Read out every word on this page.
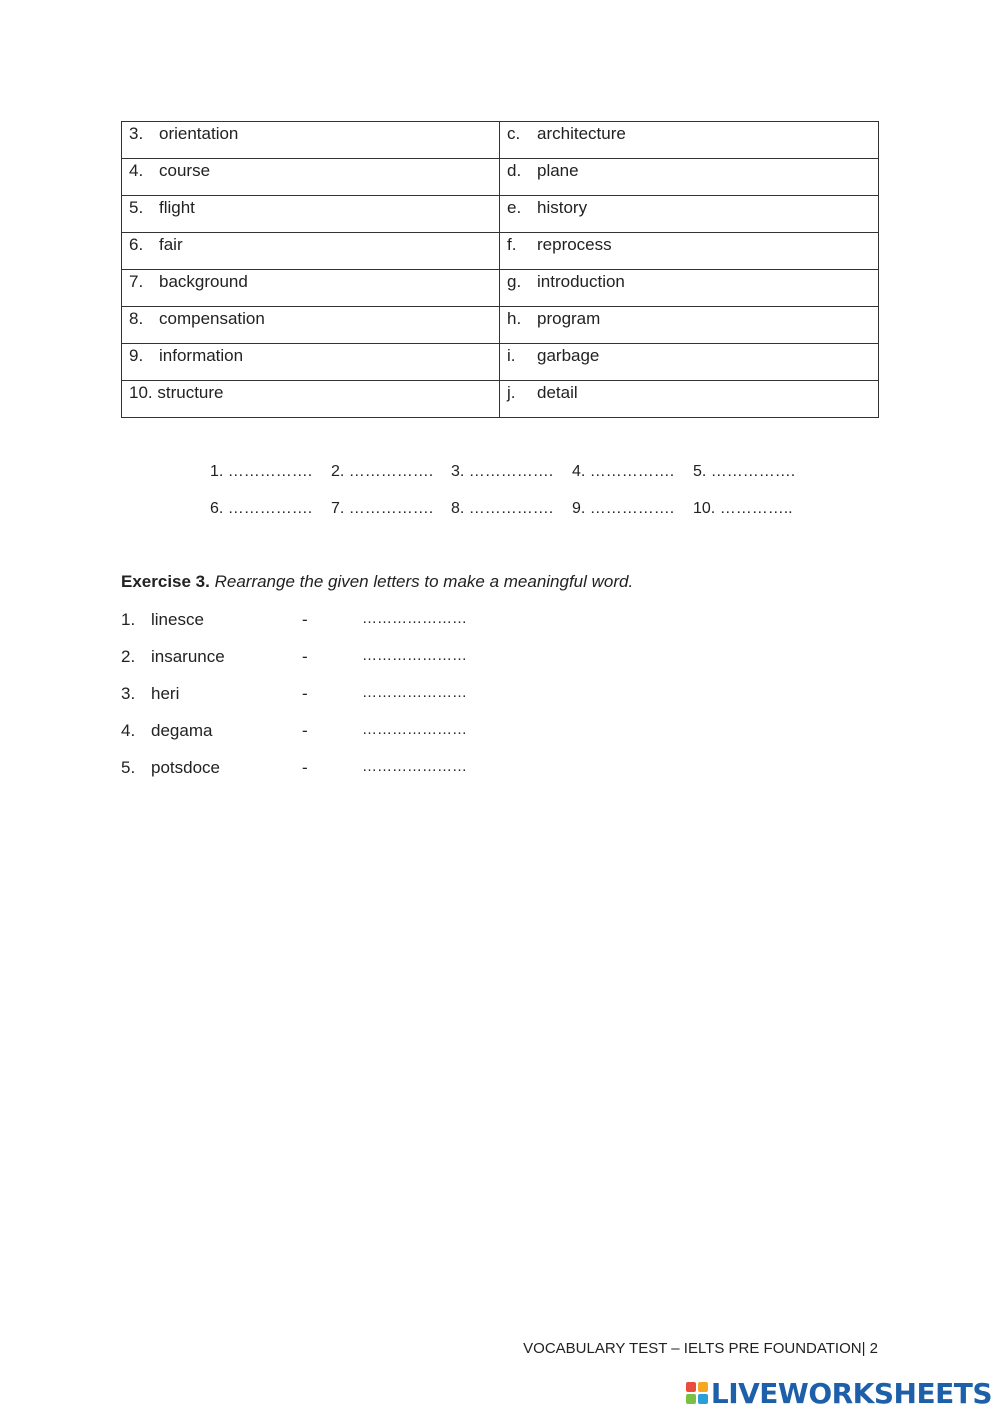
3. orientation	c. architecture
4. course	d. plane
5. flight	e. history
6. fair	f. reprocess
7. background	g. introduction
8. compensation	h. program
9. information	i. garbage
10. structure	j. detail
1. ……………. 2. ……………. 3. ……………. 4. ……………. 5. …………….
6. ……………. 7. ……………. 8. ……………. 9. ……………. 10. …………..
Exercise 3. Rearrange the given letters to make a meaningful word.
1. linesce	-	…………………
2. insarunce	-	…………………
3. heri	-	…………………
4. degama	-	…………………
5. potsdoce	-	…………………
VOCABULARY TEST – IELTS PRE FOUNDATION| 2
LIVEWORKSHEETS
